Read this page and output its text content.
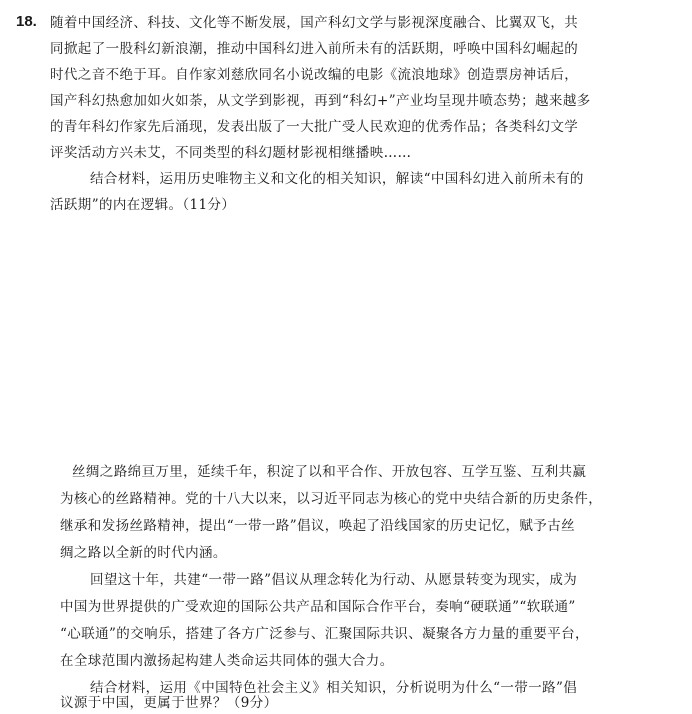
18. 随着中国经济、科技、文化等不断发展，国产科幻文学与影视深度融合、比翼双飞，共
同掀起了一股科幻新浪潮，推动中国科幻进入前所未有的活跃期，呼唤中国科幻崛起的
时代之音不绝于耳。自作家刘慈欣同名小说改编的电影《流浪地球》创造票房神话后，
国产科幻热愈加如火如荼，从文学到影视，再到“科幻+”产业均呈现井喷态势；越来越多
的青年科幻作家先后涌现，发表出版了一大批广受人民欢迎的优秀作品；各类科幻文学
评奖活动方兴未艾，不同类型的科幻题材影视相继播映……
结合材料，运用历史唯物主义和文化的相关知识，解读“中国科幻进入前所未有的
活跃期”的内在逻辑。（11分）
丝绸之路绵亘万里，延续千年，积淀了以和平合作、开放包容、互学互鉴、互利共赢
为核心的丝路精神。党的十八大以来，以习近平同志为核心的党中央结合新的历史条件，
继承和发扬丝路精神，提出“一带一路”倡议，唤起了沿线国家的历史记忆，赋予古丝
绸之路以全新的时代内涵。
回望这十年，共建“一带一路”倡议从理念转化为行动、从愿景转变为现实，成为
中国为世界提供的广受欢迎的国际公共产品和国际合作平台，奏响“硬联通”“软联通”
“心联通”的交响乐，搭建了各方广泛参与、汇聚国际共识、凝聚各方力量的重要平台，
在全球范围内激扬起构建人类命运共同体的强大合力。
结合材料，运用《中国特色社会主义》相关知识，分析说明为什么“一带一路”倡
议源于中国，更属于世界？（9分）
